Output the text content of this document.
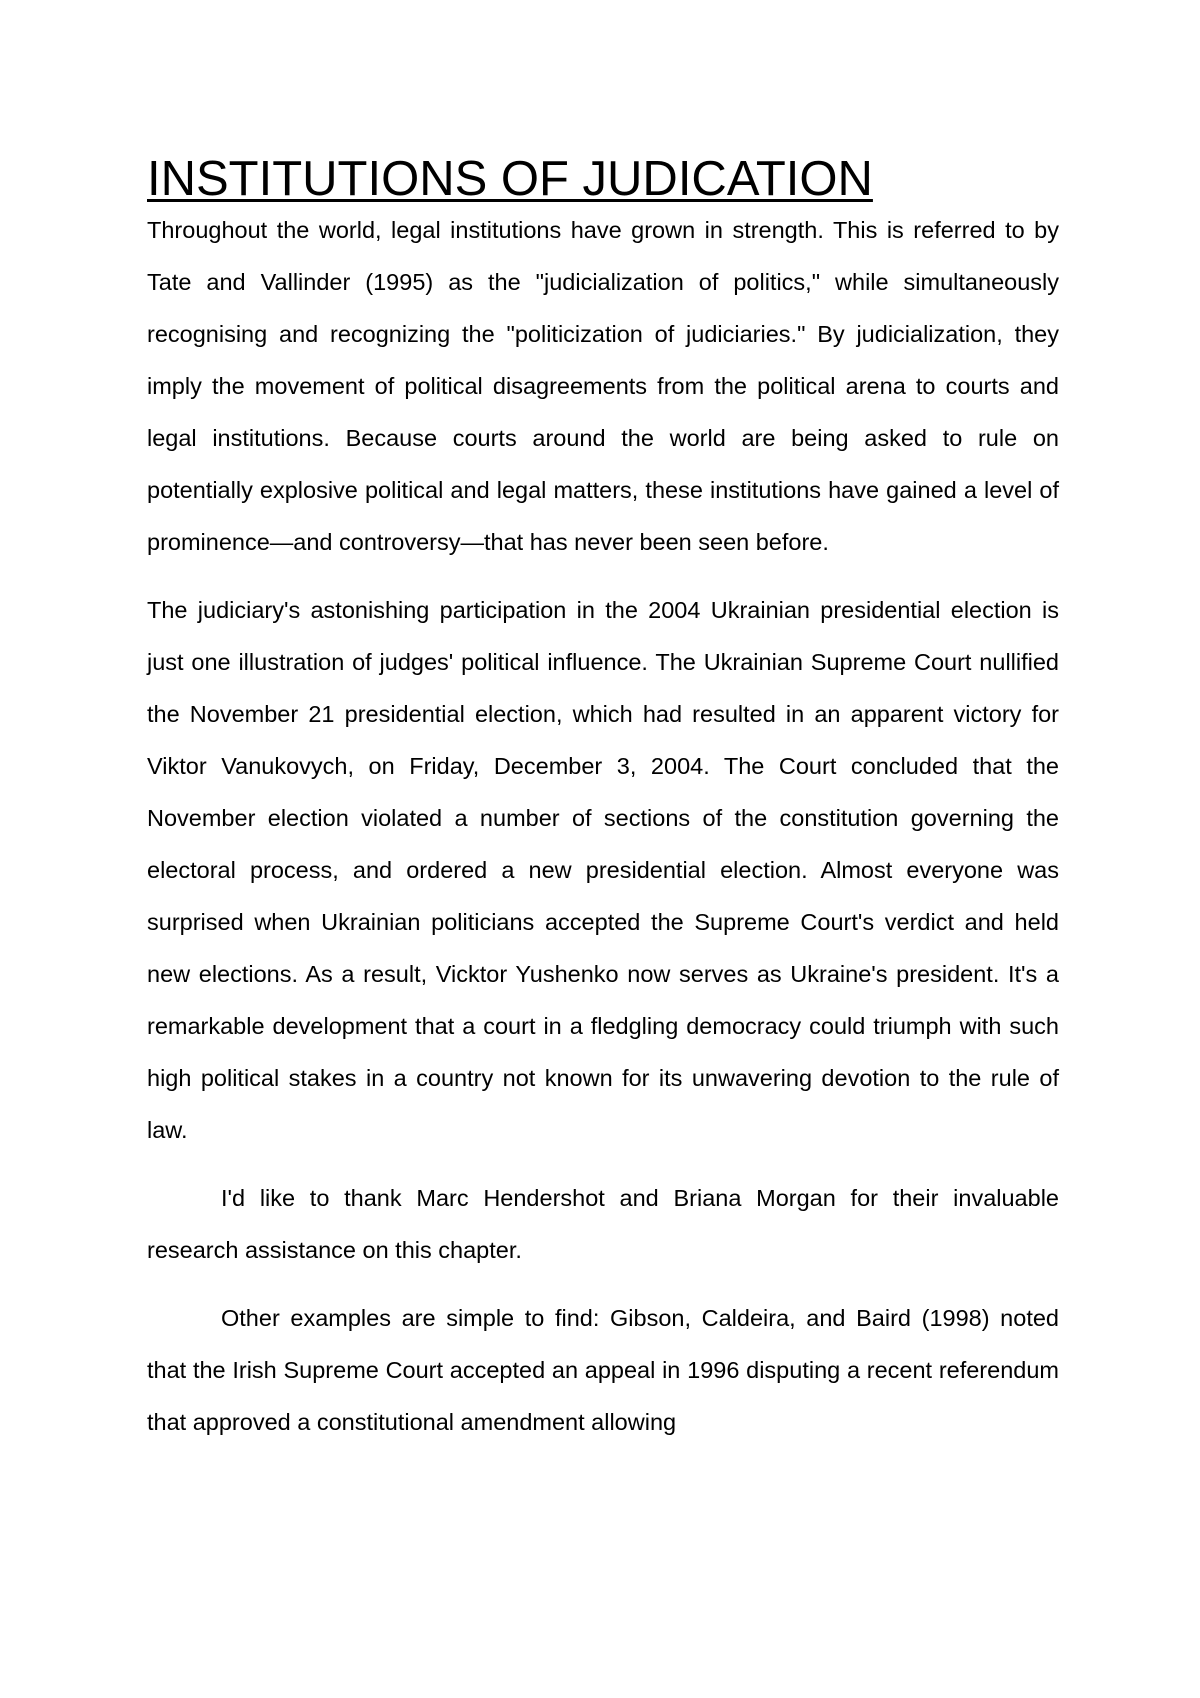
INSTITUTIONS OF JUDICATION

Throughout the world, legal institutions have grown in strength. This is referred to by Tate and Vallinder (1995) as the "judicialization of politics," while simultaneously recognising and recognizing the "politicization of judiciaries." By judicialization, they imply the movement of political disagreements from the political arena to courts and legal institutions. Because courts around the world are being asked to rule on potentially explosive political and legal matters, these institutions have gained a level of prominence—and controversy—that has never been seen before.

The judiciary's astonishing participation in the 2004 Ukrainian presidential election is just one illustration of judges' political influence. The Ukrainian Supreme Court nullified the November 21 presidential election, which had resulted in an apparent victory for Viktor Vanukovych, on Friday, December 3, 2004. The Court concluded that the November election violated a number of sections of the constitution governing the electoral process, and ordered a new presidential election. Almost everyone was surprised when Ukrainian politicians accepted the Supreme Court's verdict and held new elections. As a result, Vicktor Yushenko now serves as Ukraine's president. It's a remarkable development that a court in a fledgling democracy could triumph with such high political stakes in a country not known for its unwavering devotion to the rule of law.

I'd like to thank Marc Hendershot and Briana Morgan for their invaluable research assistance on this chapter.

Other examples are simple to find: Gibson, Caldeira, and Baird (1998) noted that the Irish Supreme Court accepted an appeal in 1996 disputing a recent referendum that approved a constitutional amendment allowing
